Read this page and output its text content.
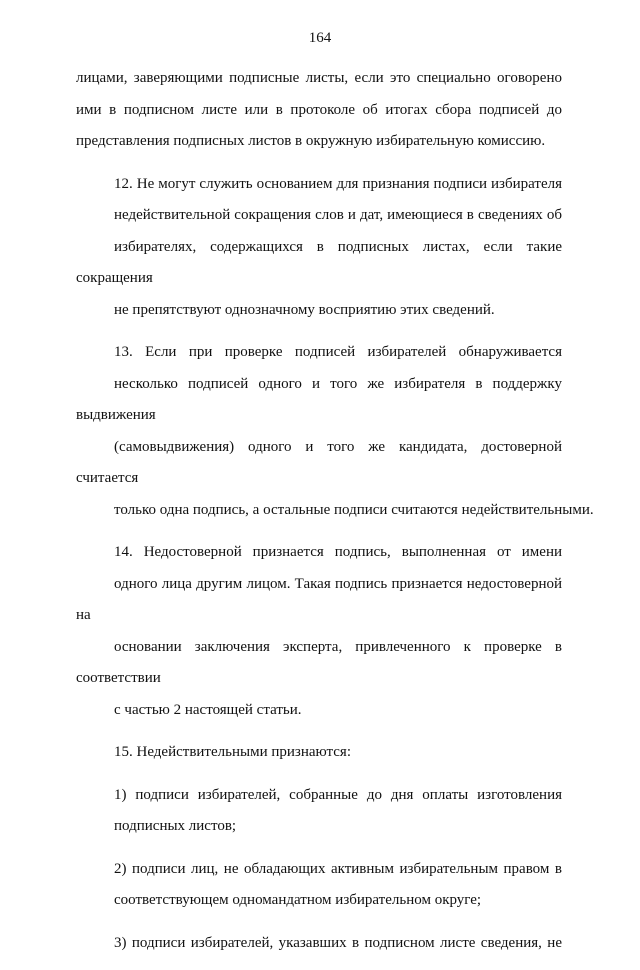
164

лицами, заверяющими подписные листы, если это специально оговорено
ими в подписном листе или в протоколе об итогах сбора подписей до
представления подписных листов в окружную избирательную комиссию.

12. Не могут служить основанием для признания подписи избирателя
недействительной сокращения слов и дат, имеющиеся в сведениях об
избирателях, содержащихся в подписных листах, если такие сокращения
не препятствуют однозначному восприятию этих сведений.

13. Если при проверке подписей избирателей обнаруживается
несколько подписей одного и того же избирателя в поддержку выдвижения
(самовыдвижения) одного и того же кандидата, достоверной считается
только одна подпись, а остальные подписи считаются недействительными.

14. Недостоверной признается подпись, выполненная от имени
одного лица другим лицом. Такая подпись признается недостоверной на
основании заключения эксперта, привлеченного к проверке в соответствии
с частью 2 настоящей статьи.

15. Недействительными признаются:

1) подписи избирателей, собранные до дня оплаты изготовления
подписных листов;

2) подписи лиц, не обладающих активным избирательным правом в
соответствующем одномандатном избирательном округе;

3) подписи избирателей, указавших в подписном листе сведения, не
